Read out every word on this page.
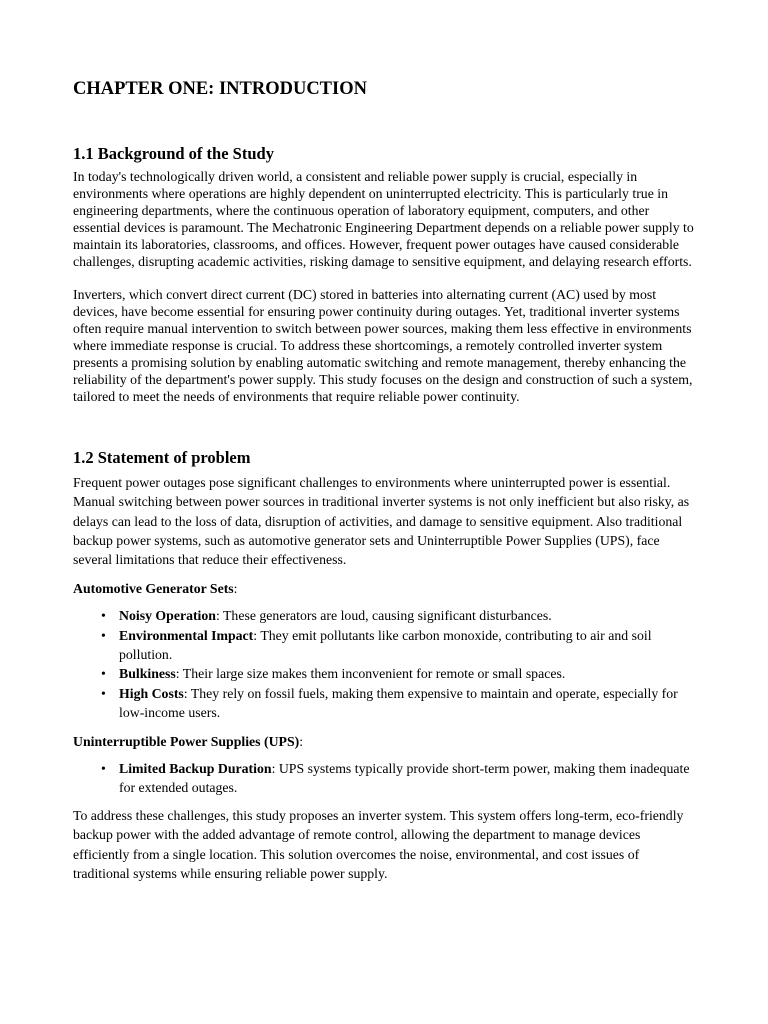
CHAPTER ONE: INTRODUCTION
1.1 Background of the Study

In today's technologically driven world, a consistent and reliable power supply is crucial, especially in environments where operations are highly dependent on uninterrupted electricity. This is particularly true in engineering departments, where the continuous operation of laboratory equipment, computers, and other essential devices is paramount. The Mechatronic Engineering Department depends on a reliable power supply to maintain its laboratories, classrooms, and offices. However, frequent power outages have caused considerable challenges, disrupting academic activities, risking damage to sensitive equipment, and delaying research efforts.

Inverters, which convert direct current (DC) stored in batteries into alternating current (AC) used by most devices, have become essential for ensuring power continuity during outages. Yet, traditional inverter systems often require manual intervention to switch between power sources, making them less effective in environments where immediate response is crucial. To address these shortcomings, a remotely controlled inverter system presents a promising solution by enabling automatic switching and remote management, thereby enhancing the reliability of the department's power supply. This study focuses on the design and construction of such a system, tailored to meet the needs of environments that require reliable power continuity.

1.2 Statement of problem

Frequent power outages pose significant challenges to environments where uninterrupted power is essential. Manual switching between power sources in traditional inverter systems is not only inefficient but also risky, as delays can lead to the loss of data, disruption of activities, and damage to sensitive equipment. Also traditional backup power systems, such as automotive generator sets and Uninterruptible Power Supplies (UPS), face several limitations that reduce their effectiveness.

Automotive Generator Sets:
• Noisy Operation: These generators are loud, causing significant disturbances.
• Environmental Impact: They emit pollutants like carbon monoxide, contributing to air and soil pollution.
• Bulkiness: Their large size makes them inconvenient for remote or small spaces.
• High Costs: They rely on fossil fuels, making them expensive to maintain and operate, especially for low-income users.
Uninterruptible Power Supplies (UPS):
• Limited Backup Duration: UPS systems typically provide short-term power, making them inadequate for extended outages.

To address these challenges, this study proposes an inverter system. This system offers long-term, eco-friendly backup power with the added advantage of remote control, allowing the department to manage devices efficiently from a single location. This solution overcomes the noise, environmental, and cost issues of traditional systems while ensuring reliable power supply.
